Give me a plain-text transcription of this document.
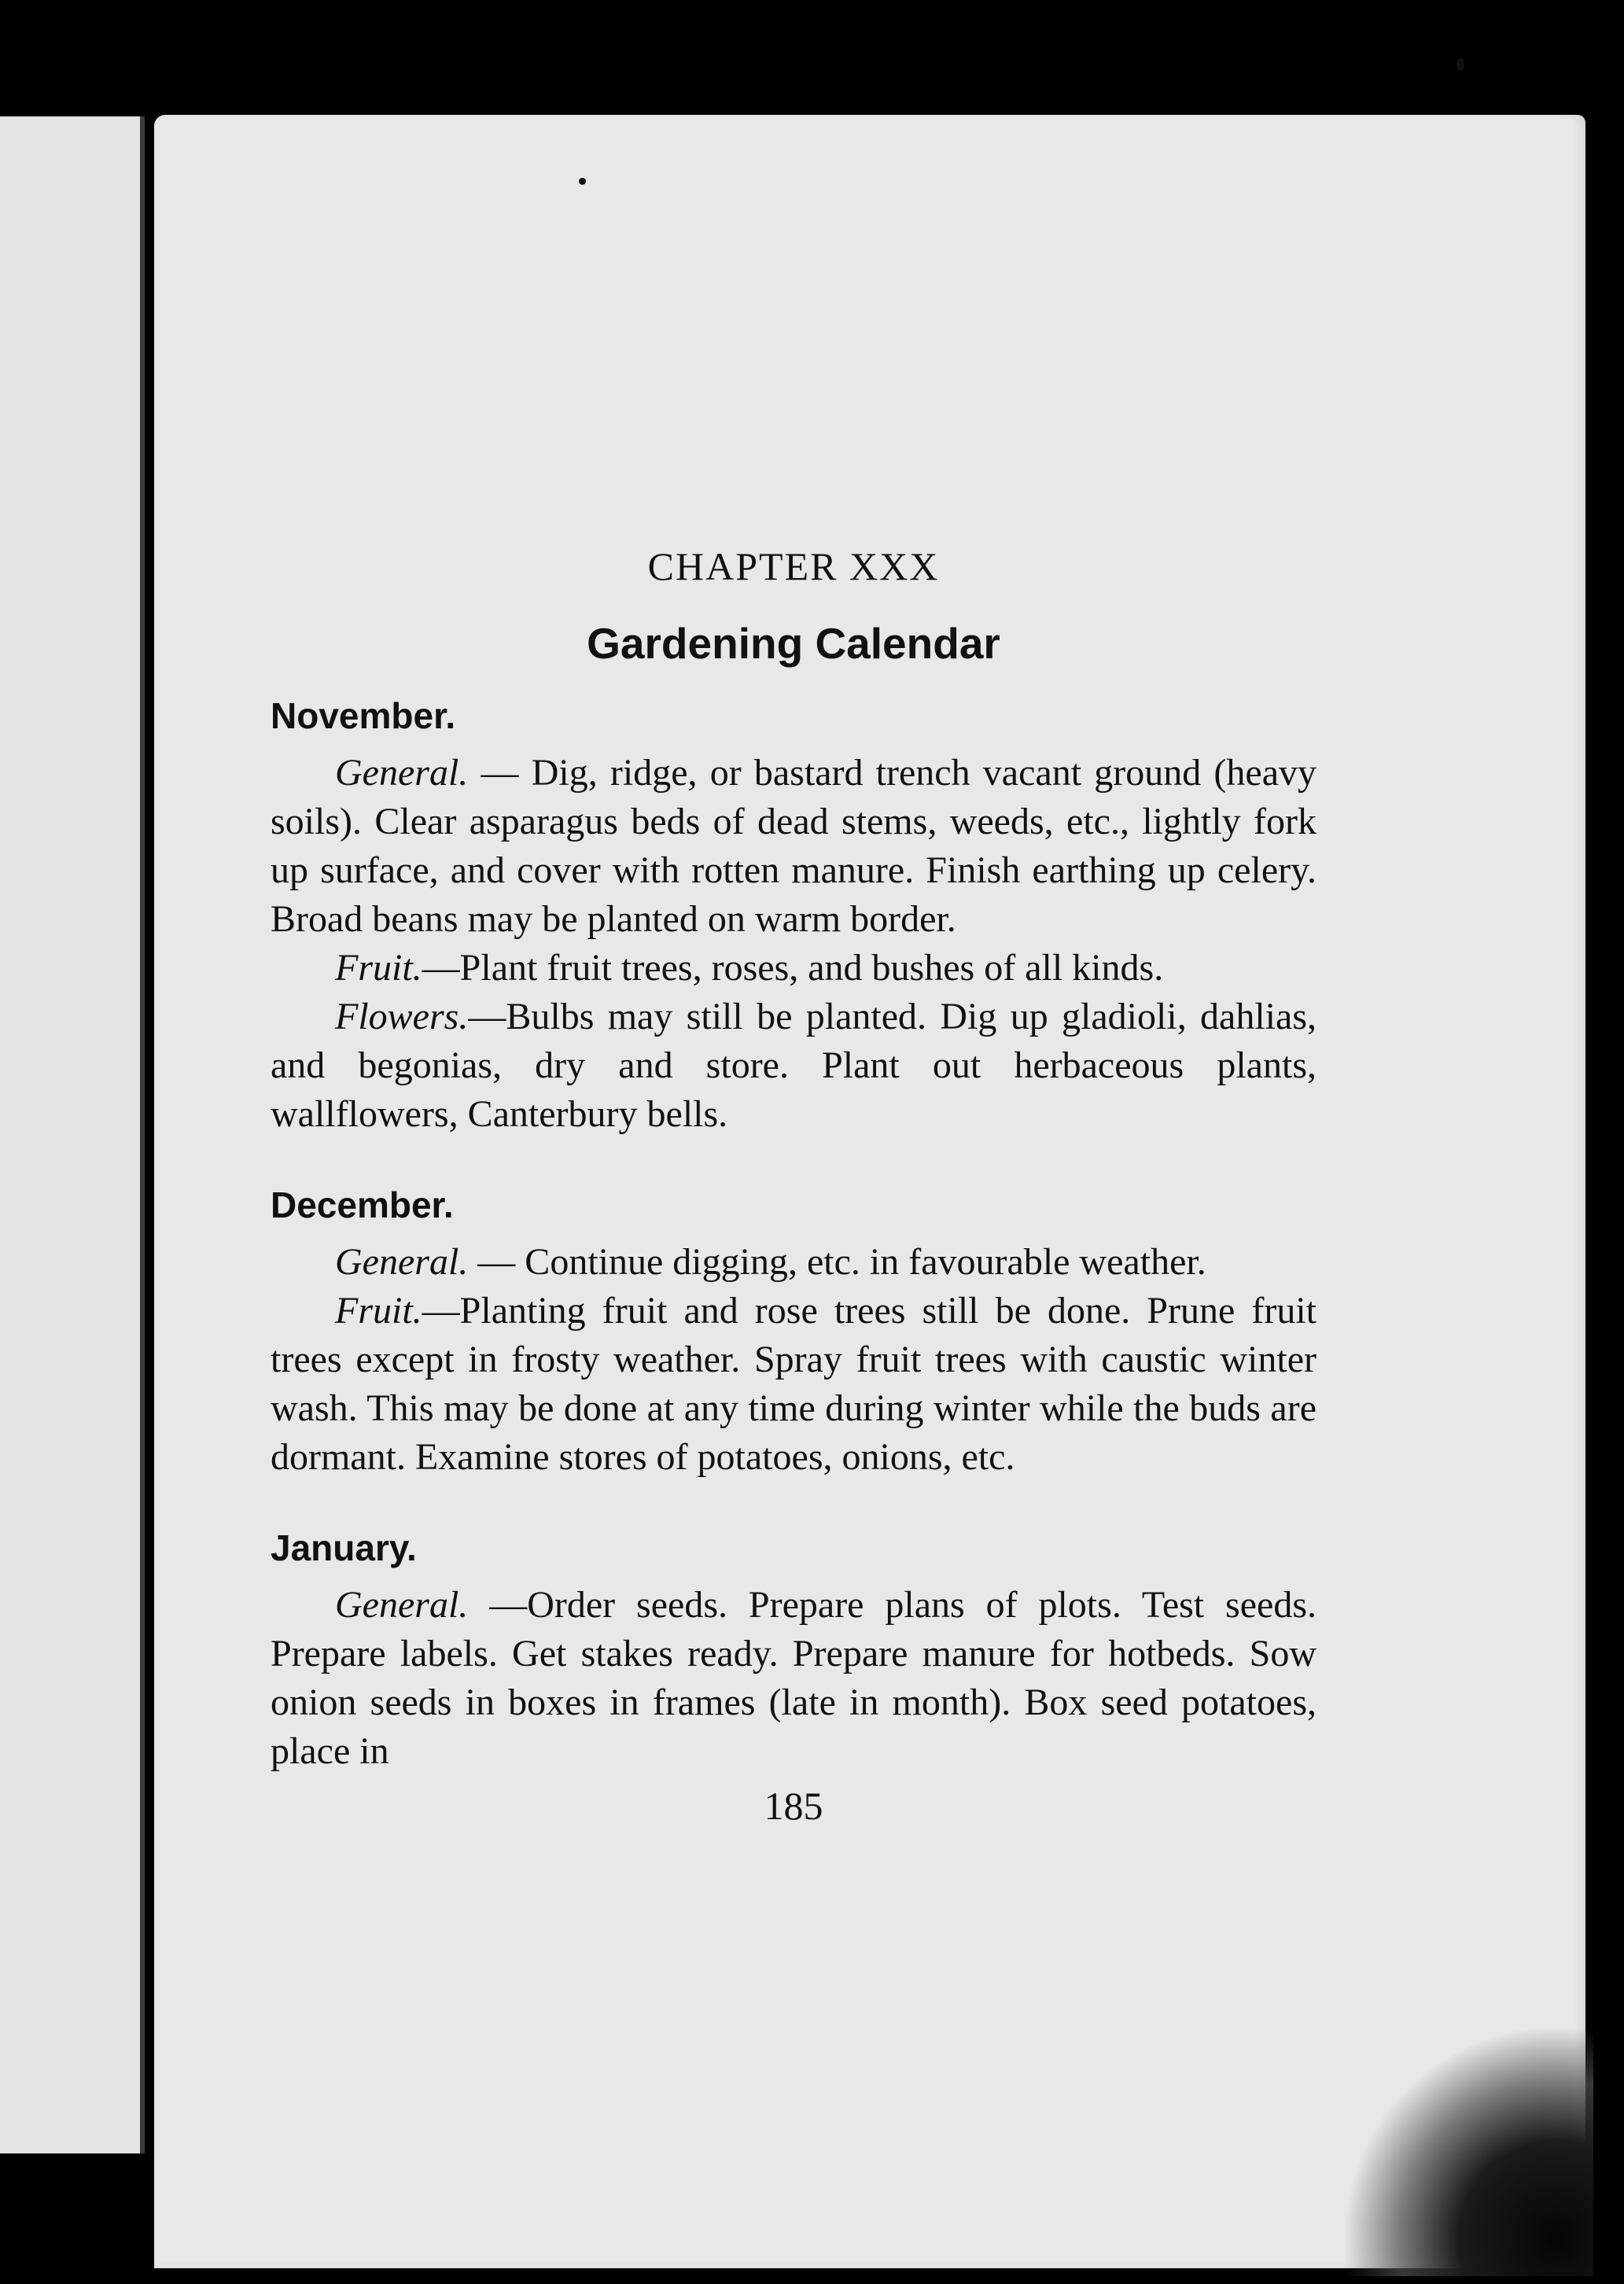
CHAPTER XXX
Gardening Calendar
November.

General. — Dig, ridge, or bastard trench vacant ground (heavy soils). Clear asparagus beds of dead stems, weeds, etc., lightly fork up surface, and cover with rotten manure. Finish earthing up celery. Broad beans may be planted on warm border.

Fruit.—Plant fruit trees, roses, and bushes of all kinds.

Flowers.—Bulbs may still be planted. Dig up gladioli, dahlias, and begonias, dry and store. Plant out herbaceous plants, wallflowers, Canterbury bells.

December.

General. — Continue digging, etc. in favourable weather.

Fruit.—Planting fruit and rose trees still be done. Prune fruit trees except in frosty weather. Spray fruit trees with caustic winter wash. This may be done at any time during winter while the buds are dormant. Examine stores of potatoes, onions, etc.

January.

General. —Order seeds. Prepare plans of plots. Test seeds. Prepare labels. Get stakes ready. Prepare manure for hotbeds. Sow onion seeds in boxes in frames (late in month). Box seed potatoes, place in

185
